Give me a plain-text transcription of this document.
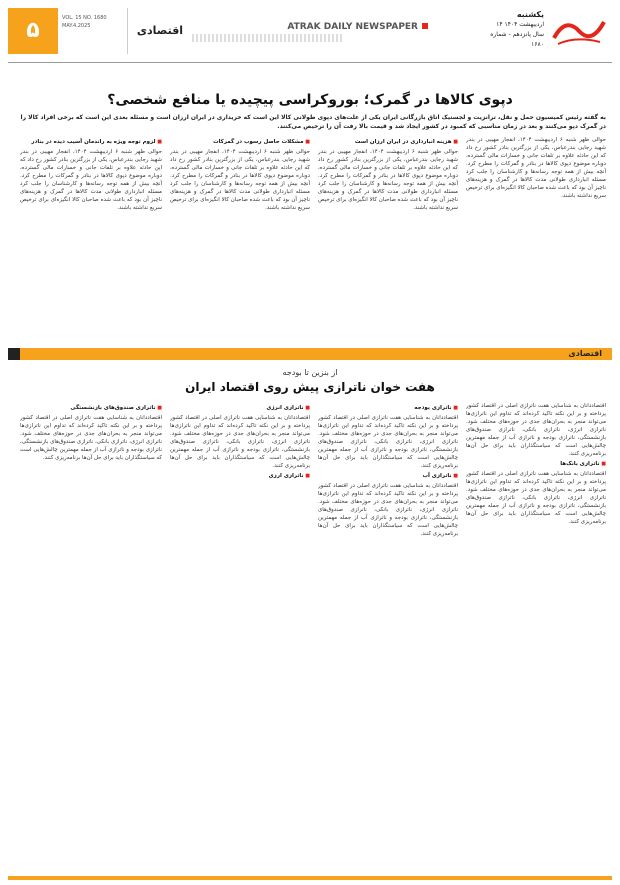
۵	VOL. 15 NO. 1680
MAY.4.2025	اقتصادی	ATRAK DAILY NEWSPAPER
یکشنبه
۱۴ اردیبهشت ۱۴۰۴
سال پانزدهم - شماره ۱۶۸۰
دپوی کالاها در گمرک؛ بوروکراسی پیچیده یا منافع شخصی؟
به گفته رئیس کمیسیون حمل و نقل، ترانزیت و لجستیک اتاق بازرگانی ایران یکی از علت‌های دپوی طولانی کالا این است که خریداری در ایران ارزان است و مسئله بعدی این است که برخی افراد کالا را در گمرک دپو می‌کنند و بعد در زمان مناسبی که کمبود در کشور ایجاد شد و قیمت بالا رفت آن را ترخیص می‌کنند.
حوالی ظهر شنبه ۶ اردیبهشت ۱۴۰۴، انفجار مهیبی در بندر شهید رجایی بندرعباس، یکی از بزرگترین بنادر کشور رخ داد که این حادثه علاوه بر تلفات جانی و خسارات مالی گسترده، دوباره موضوع دپوی کالاها در بنادر و گمرکات را مطرح کرد. آنچه بیش از همه توجه رسانه‌ها و کارشناسان را جلب کرد مسئله انبارداری طولانی مدت کالاها در گمرک و هزینه‌های ناچیز آن بود که باعث شده صاحبان کالا انگیزه‌ای برای ترخیص سریع نداشته باشند.
■ هزینه انبارداری در ایران ارزان است
حوالی ظهر شنبه ۶ اردیبهشت ۱۴۰۴، انفجار مهیبی در بندر شهید رجایی بندرعباس، یکی از بزرگترین بنادر کشور رخ داد که این حادثه علاوه بر تلفات جانی و خسارات مالی گسترده، دوباره موضوع دپوی کالاها در بنادر و گمرکات را مطرح کرد. آنچه بیش از همه توجه رسانه‌ها و کارشناسان را جلب کرد مسئله انبارداری طولانی مدت کالاها در گمرک و هزینه‌های ناچیز آن بود که باعث شده صاحبان کالا انگیزه‌ای برای ترخیص سریع نداشته باشند.
■ مشکلات حاصل رسوب در گمرکات
حوالی ظهر شنبه ۶ اردیبهشت ۱۴۰۴، انفجار مهیبی در بندر شهید رجایی بندرعباس، یکی از بزرگترین بنادر کشور رخ داد که این حادثه علاوه بر تلفات جانی و خسارات مالی گسترده، دوباره موضوع دپوی کالاها در بنادر و گمرکات را مطرح کرد. آنچه بیش از همه توجه رسانه‌ها و کارشناسان را جلب کرد مسئله انبارداری طولانی مدت کالاها در گمرک و هزینه‌های ناچیز آن بود که باعث شده صاحبان کالا انگیزه‌ای برای ترخیص سریع نداشته باشند.
■ لزوم توجه ویژه به راندمان آسیب دیده در بنادر
حوالی ظهر شنبه ۶ اردیبهشت ۱۴۰۴، انفجار مهیبی در بندر شهید رجایی بندرعباس، یکی از بزرگترین بنادر کشور رخ داد که این حادثه علاوه بر تلفات جانی و خسارات مالی گسترده، دوباره موضوع دپوی کالاها در بنادر و گمرکات را مطرح کرد. آنچه بیش از همه توجه رسانه‌ها و کارشناسان را جلب کرد مسئله انبارداری طولانی مدت کالاها در گمرک و هزینه‌های ناچیز آن بود که باعث شده صاحبان کالا انگیزه‌ای برای ترخیص سریع نداشته باشند.
اقتصادی
از بنزین تا بودجه
هفت خوان ناترازی پیش روی اقتصاد ایران
اقتصاددانان به شناسایی هفت ناترازی اصلی در اقتصاد کشور پرداخته و بر این نکته تاکید کرده‌اند که تداوم این ناترازی‌ها می‌تواند منجر به بحران‌های جدی در حوزه‌های مختلف شود. ناترازی انرژی، ناترازی بانکی، ناترازی صندوق‌های بازنشستگی، ناترازی بودجه و ناترازی آب از جمله مهمترین چالش‌هایی است که سیاستگذاران باید برای حل آن‌ها برنامه‌ریزی کنند.
■ ناترازی بانک‌ها
اقتصاددانان به شناسایی هفت ناترازی اصلی در اقتصاد کشور پرداخته و بر این نکته تاکید کرده‌اند که تداوم این ناترازی‌ها می‌تواند منجر به بحران‌های جدی در حوزه‌های مختلف شود. ناترازی انرژی، ناترازی بانکی، ناترازی صندوق‌های بازنشستگی، ناترازی بودجه و ناترازی آب از جمله مهمترین چالش‌هایی است که سیاستگذاران باید برای حل آن‌ها برنامه‌ریزی کنند.
■ ناترازی بودجه
اقتصاددانان به شناسایی هفت ناترازی اصلی در اقتصاد کشور پرداخته و بر این نکته تاکید کرده‌اند که تداوم این ناترازی‌ها می‌تواند منجر به بحران‌های جدی در حوزه‌های مختلف شود. ناترازی انرژی، ناترازی بانکی، ناترازی صندوق‌های بازنشستگی، ناترازی بودجه و ناترازی آب از جمله مهمترین چالش‌هایی است که سیاستگذاران باید برای حل آن‌ها برنامه‌ریزی کنند.
■ ناترازی آب
اقتصاددانان به شناسایی هفت ناترازی اصلی در اقتصاد کشور پرداخته و بر این نکته تاکید کرده‌اند که تداوم این ناترازی‌ها می‌تواند منجر به بحران‌های جدی در حوزه‌های مختلف شود. ناترازی انرژی، ناترازی بانکی، ناترازی صندوق‌های بازنشستگی، ناترازی بودجه و ناترازی آب از جمله مهمترین چالش‌هایی است که سیاستگذاران باید برای حل آن‌ها برنامه‌ریزی کنند.
■ ناترازی انرژی
اقتصاددانان به شناسایی هفت ناترازی اصلی در اقتصاد کشور پرداخته و بر این نکته تاکید کرده‌اند که تداوم این ناترازی‌ها می‌تواند منجر به بحران‌های جدی در حوزه‌های مختلف شود. ناترازی انرژی، ناترازی بانکی، ناترازی صندوق‌های بازنشستگی، ناترازی بودجه و ناترازی آب از جمله مهمترین چالش‌هایی است که سیاستگذاران باید برای حل آن‌ها برنامه‌ریزی کنند.
■ ناترازی ارزی
■ ناترازی صندوق‌های بازنشستگی
اقتصاددانان به شناسایی هفت ناترازی اصلی در اقتصاد کشور پرداخته و بر این نکته تاکید کرده‌اند که تداوم این ناترازی‌ها می‌تواند منجر به بحران‌های جدی در حوزه‌های مختلف شود. ناترازی انرژی، ناترازی بانکی، ناترازی صندوق‌های بازنشستگی، ناترازی بودجه و ناترازی آب از جمله مهمترین چالش‌هایی است که سیاستگذاران باید برای حل آن‌ها برنامه‌ریزی کنند.
